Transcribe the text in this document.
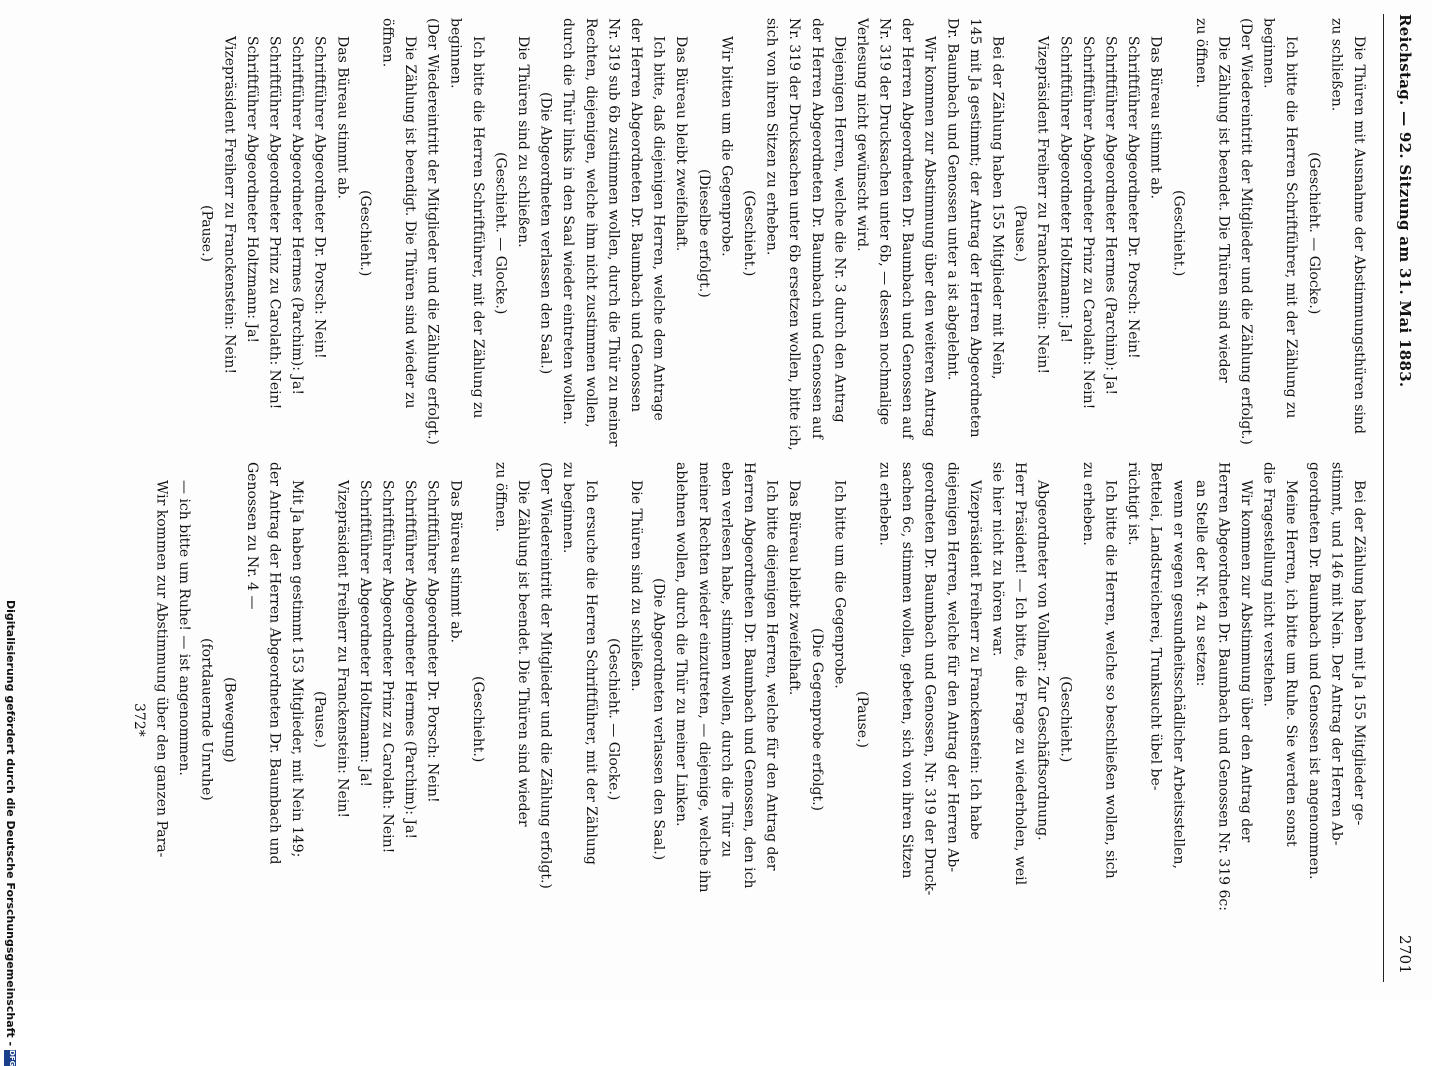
Reichstag. — 92. Sitzung am 31. Mai 1883.
2701

Die Thüren mit Ausnahme der Abstimmungsthüren sind

zu schließen.

(Geschieht. — Glocke.)

Ich bitte die Herren Schriftführer, mit der Zählung zu

beginnen.

(Der Wiedereintritt der Mitglieder und die Zählung erfolgt.)

Die Zählung ist beendet. Die Thüren sind wieder

zu öffnen.

(Geschieht.)

Das Büreau stimmt ab.

Schriftführer Abgeordneter Dr. Porsch: Nein!

Schriftführer Abgeordneter Hermes (Parchim): Ja!

Schriftführer Abgeordneter Prinz zu Carolath: Nein!

Schriftführer Abgeordneter Holtzmann: Ja!

Vizepräsident Freiherr zu Franckenstein: Nein!

(Pause.)

Bei der Zählung haben 155 Mitglieder mit Nein,

145 mit Ja gestimmt; der Antrag der Herren Abgeordneten

Dr. Baumbach und Genossen unter a ist abgelehnt.

Wir kommen zur Abstimmung über den weiteren Antrag

der Herren Abgeordneten Dr. Baumbach und Genossen auf

Nr. 319 der Drucksachen unter 6b, — dessen nochmalige

Verlesung nicht gewünscht wird.

Diejenigen Herren, welche die Nr. 3 durch den Antrag

der Herren Abgeordneten Dr. Baumbach und Genossen auf

Nr. 319 der Drucksachen unter 6b ersetzen wollen, bitte ich,

sich von ihren Sitzen zu erheben.

(Geschieht.)

Wir bitten um die Gegenprobe.

(Dieselbe erfolgt.)

Das Büreau bleibt zweifelhaft.

Ich bitte, daß diejenigen Herren, welche dem Antrage

der Herren Abgeordneten Dr. Baumbach und Genossen

Nr. 319 sub 6b zustimmen wollen, durch die Thür zu meiner

Rechten, diejenigen, welche ihm nicht zustimmen wollen,

durch die Thür links in den Saal wieder eintreten wollen.

(Die Abgeordneten verlassen den Saal.)

Die Thüren sind zu schließen.

(Geschieht. — Glocke.)

Ich bitte die Herren Schriftführer, mit der Zählung zu

beginnen.

(Der Wiedereintritt der Mitglieder und die Zählung erfolgt.)

Die Zählung ist beendigt. Die Thüren sind wieder zu

öffnen.

(Geschieht.)

Das Büreau stimmt ab.

Schriftführer Abgeordneter Dr. Porsch: Nein!

Schriftführer Abgeordneter Hermes (Parchim): Ja!

Schriftführer Abgeordneter Prinz zu Carolath: Nein!

Schriftführer Abgeordneter Holtzmann: Ja!

Vizepräsident Freiherr zu Franckenstein: Nein!

(Pause.)

Bei der Zählung haben mit Ja 155 Mitglieder ge-

stimmt, und 146 mit Nein. Der Antrag der Herren Ab-

geordneten Dr. Baumbach und Genossen ist angenommen.

Meine Herren, ich bitte um Ruhe. Sie werden sonst

die Fragestellung nicht verstehen.

Wir kommen zur Abstimmung über den Antrag der

Herren Abgeordneten Dr. Baumbach und Genossen Nr. 319 6c:

an Stelle der Nr. 4 zu setzen:

wenn er wegen gesundheitsschädlicher Arbeitsstellen,

Bettelei, Landstreicherei, Trunksucht übel be-

rüchtigt ist.

Ich bitte die Herren, welche so beschließen wollen, sich

zu erheben.

(Geschieht.)

Abgeordneter von Vollmar: Zur Geschäftsordnung.

Herr Präsident! — Ich bitte, die Frage zu wiederholen, weil

sie hier nicht zu hören war.

Vizepräsident Freiherr zu Franckenstein: Ich habe

diejenigen Herren, welche für den Antrag der Herren Ab-

geordneten Dr. Baumbach und Genossen, Nr. 319 der Druck-

sachen 6c, stimmen wollen, gebeten, sich von ihren Sitzen

zu erheben.

(Pause.)

Ich bitte um die Gegenprobe.

(Die Gegenprobe erfolgt.)

Das Büreau bleibt zweifelhaft.

Ich bitte diejenigen Herren, welche für den Antrag der

Herren Abgeordneten Dr. Baumbach und Genossen, den ich

eben verlesen habe, stimmen wollen, durch die Thür zu

meiner Rechten wieder einzutreten, — diejenige, welche ihn

ablehnen wollen, durch die Thür zu meiner Linken.

(Die Abgeordneten verlassen den Saal.)

Die Thüren sind zu schließen.

(Geschieht. — Glocke.)

Ich ersuche die Herren Schriftführer, mit der Zählung

zu beginnen.

(Der Wiedereintritt der Mitglieder und die Zählung erfolgt.)

Die Zählung ist beendet. Die Thüren sind wieder

zu öffnen.

(Geschieht.)

Das Büreau stimmt ab.

Schriftführer Abgeordneter Dr. Porsch: Nein!

Schriftführer Abgeordneter Hermes (Parchim): Ja!

Schriftführer Abgeordneter Prinz zu Carolath: Nein!

Schriftführer Abgeordneter Holtzmann: Ja!

Vizepräsident Freiherr zu Franckenstein: Nein!

(Pause.)

Mit Ja haben gestimmt 153 Mitglieder, mit Nein 149;

der Antrag der Herren Abgeordneten Dr. Baumbach und

Genossen zu Nr. 4 —

(Bewegung)

(fortdauernde Unruhe)

— ich bitte um Ruhe! — ist angenommen.

Wir kommen zur Abstimmung über den ganzen Para-

372*

Digitalisierung gefördert durch die Deutsche Forschungsgemeinschaft -
DFG
